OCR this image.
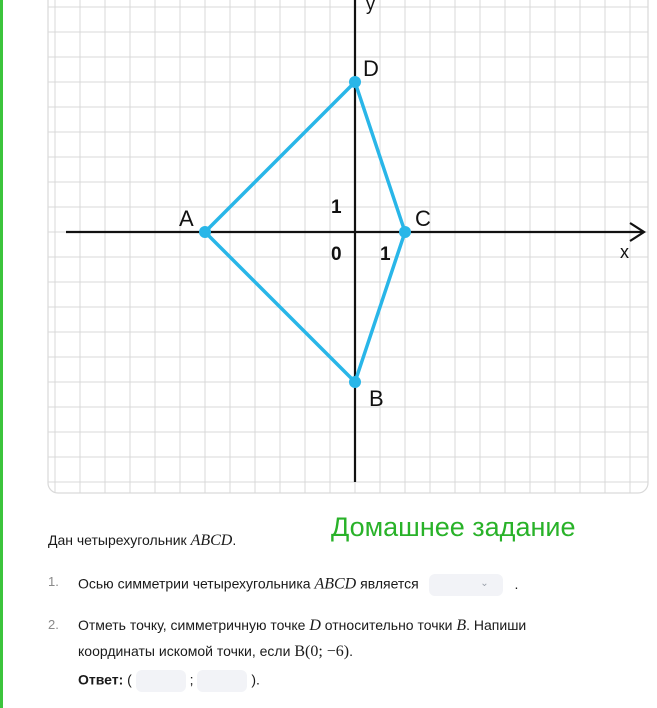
y
x
0 1
1
A
B
C
D
Домашнее задание
Дан четырехугольник ABCD.
1. Осью симметрии четырехугольника ABCD является	⌄ .
2. Отметь точку, симметричную точке D относительно точки B. Напиши
координаты искомой точки, если B(0; −6).
Ответ: (	;	).
